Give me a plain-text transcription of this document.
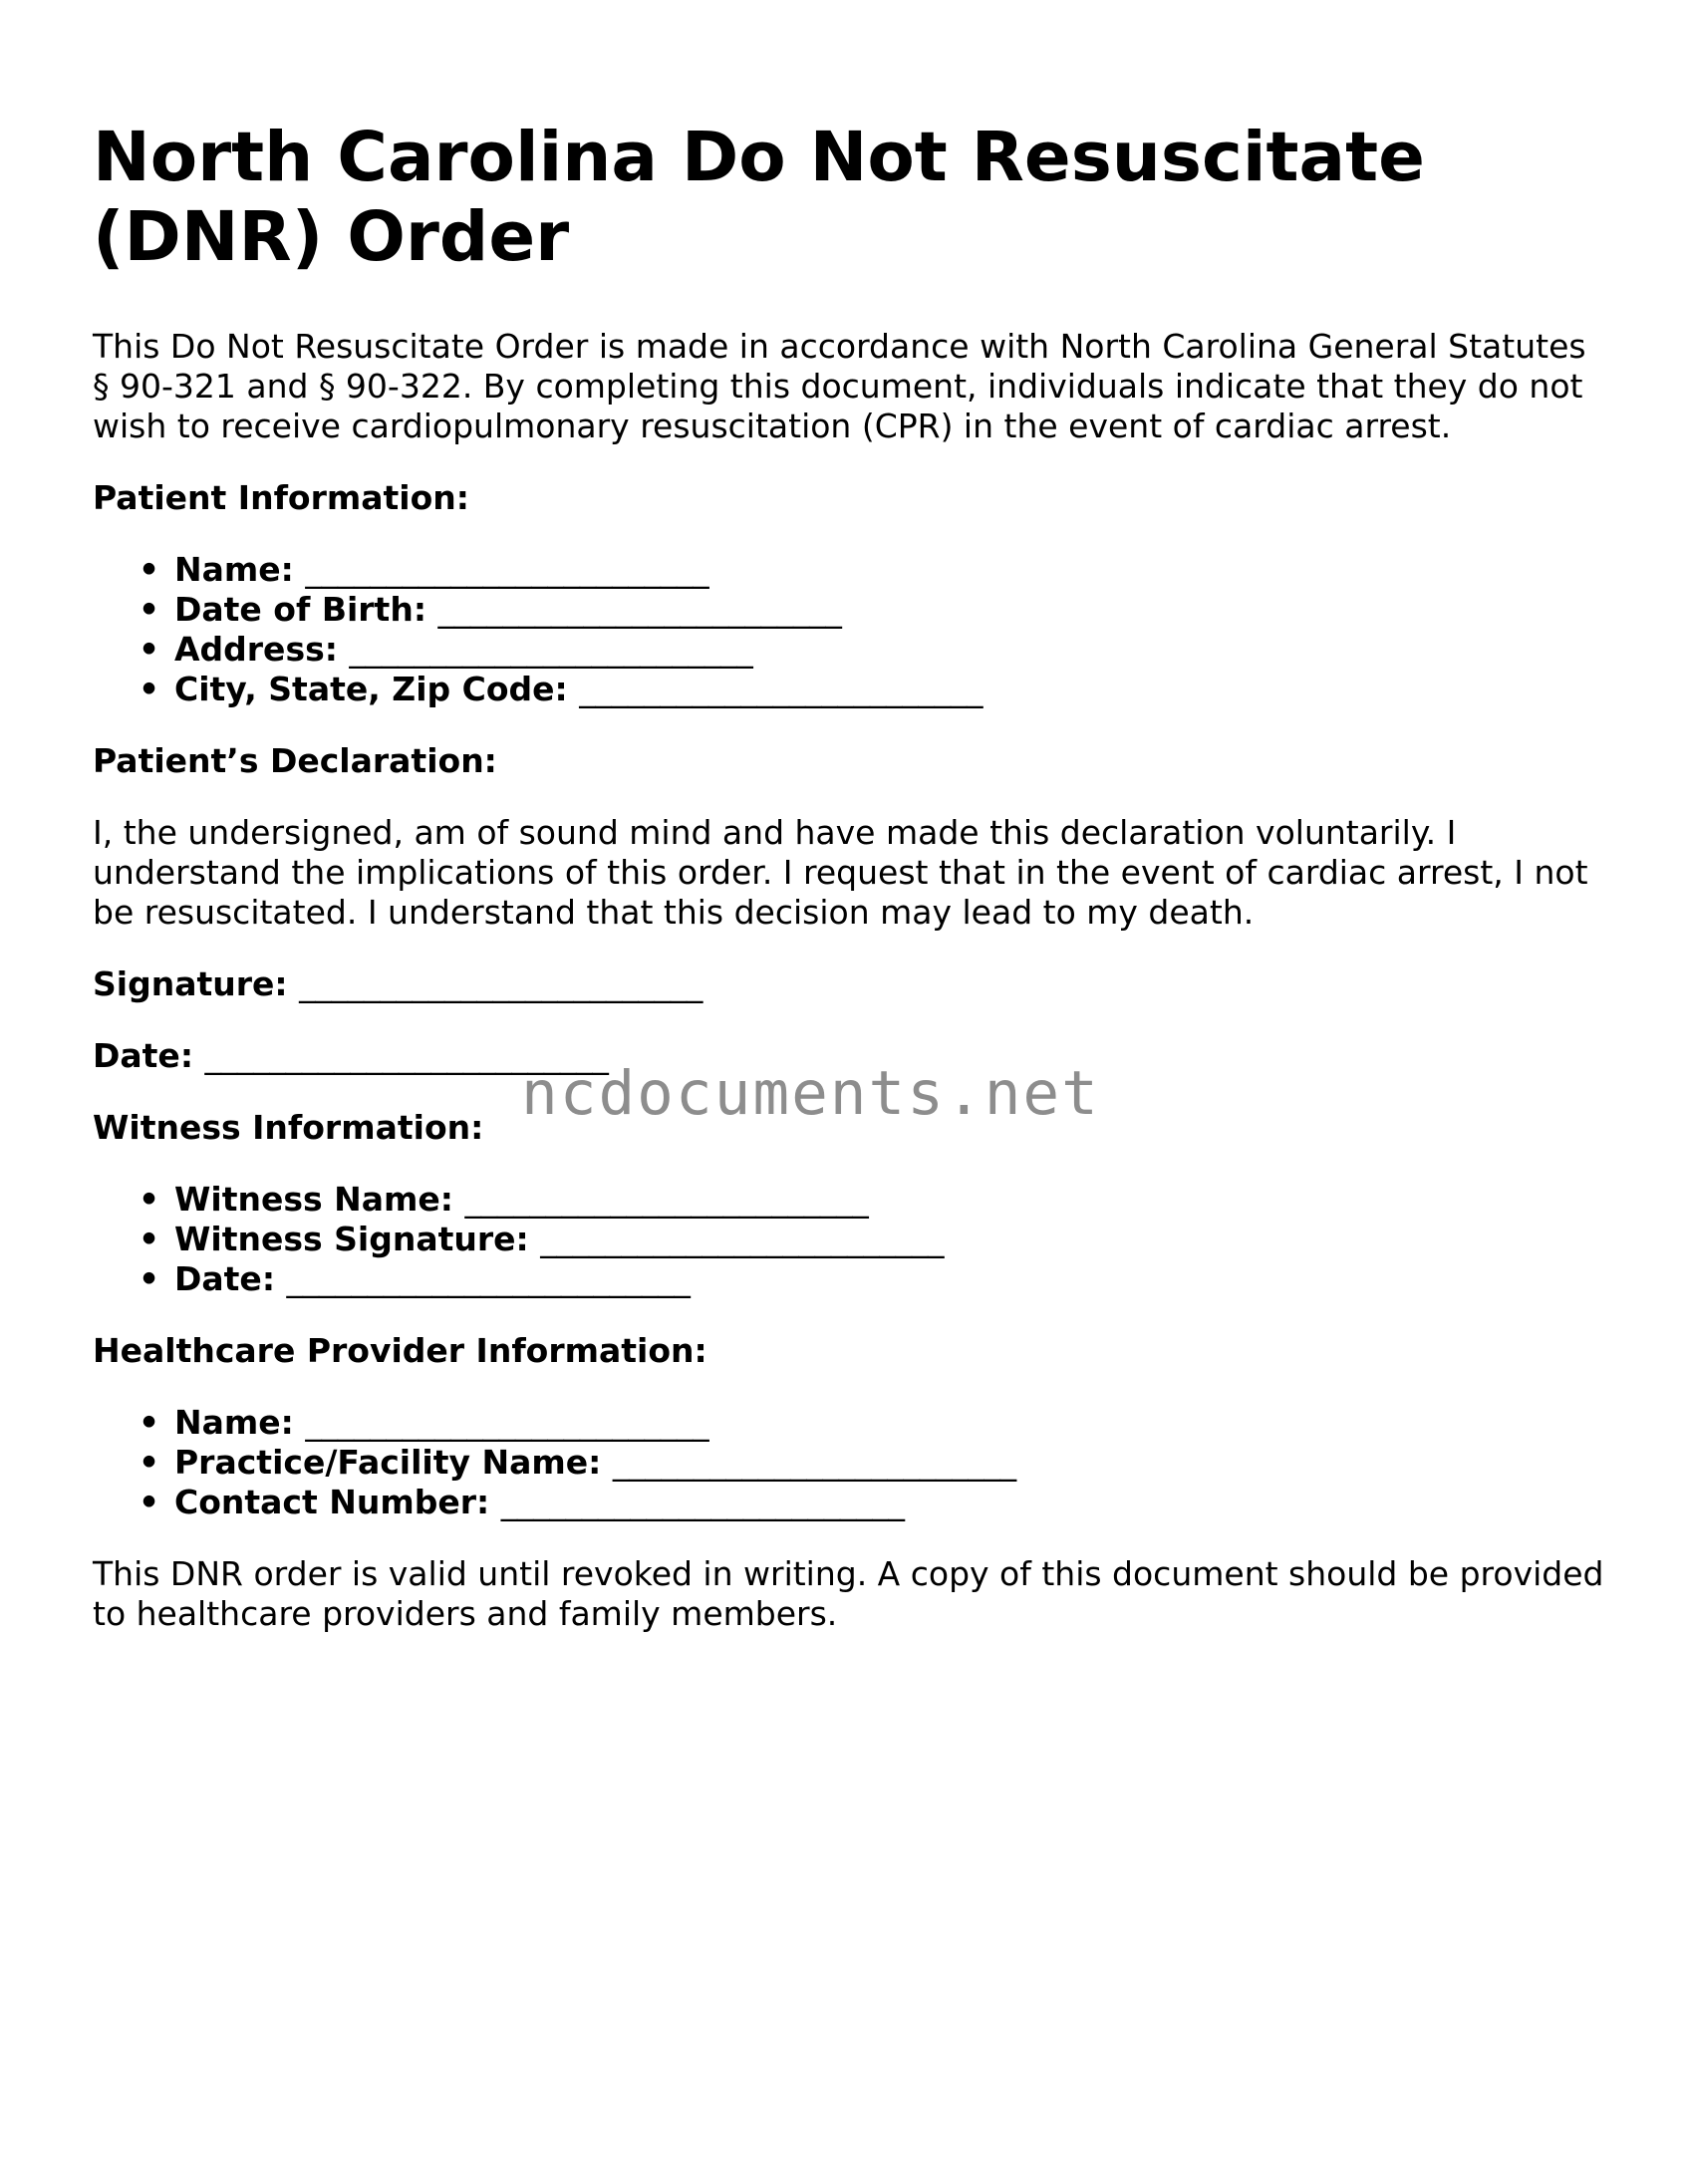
North Carolina Do Not Resuscitate (DNR) Order

This Do Not Resuscitate Order is made in accordance with North Carolina General Statutes § 90-321 and § 90-322. By completing this document, individuals indicate that they do not wish to receive cardiopulmonary resuscitation (CPR) in the event of cardiac arrest.

Patient Information:
• Name: _________________________
• Date of Birth: _________________________
• Address: _________________________
• City, State, Zip Code: _________________________
Patient’s Declaration:

I, the undersigned, am of sound mind and have made this declaration voluntarily. I understand the implications of this order. I request that in the event of cardiac arrest, I not be resuscitated. I understand that this decision may lead to my death.

Signature: _________________________
Date: _________________________
Witness Information:
• Witness Name: _________________________
• Witness Signature: _________________________
• Date: _________________________
Healthcare Provider Information:
• Name: _________________________
• Practice/Facility Name: _________________________
• Contact Number: _________________________

This DNR order is valid until revoked in writing. A copy of this document should be provided to healthcare providers and family members.

ncdocuments.net
